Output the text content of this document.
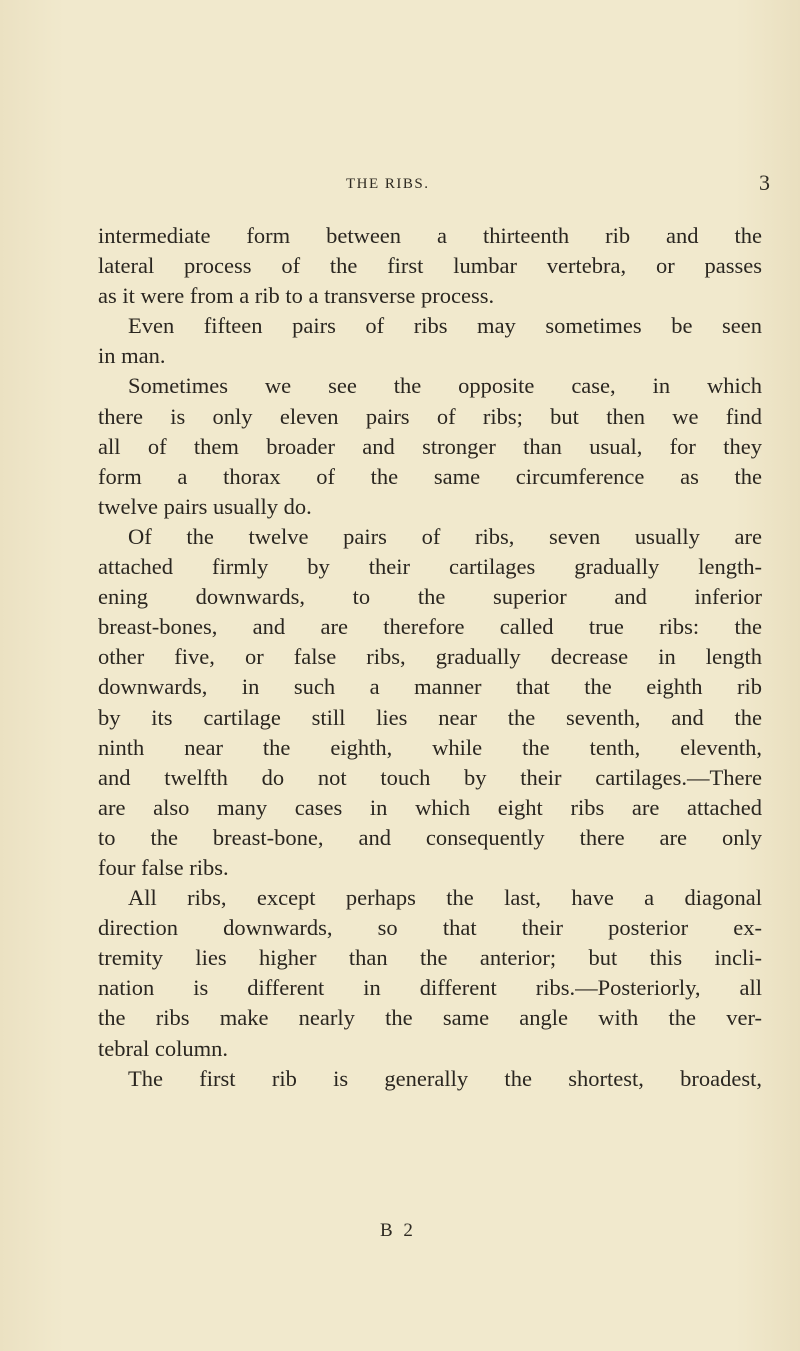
THE RIBS.	3
intermediate form between a thirteenth rib and the
lateral process of the first lumbar vertebra, or passes
as it were from a rib to a transverse process.
Even fifteen pairs of ribs may sometimes be seen
in man.
Sometimes we see the opposite case, in which
there is only eleven pairs of ribs; but then we find
all of them broader and stronger than usual, for they
form a thorax of the same circumference as the
twelve pairs usually do.
Of the twelve pairs of ribs, seven usually are
attached firmly by their cartilages gradually length-
ening downwards, to the superior and inferior
breast-bones, and are therefore called true ribs: the
other five, or false ribs, gradually decrease in length
downwards, in such a manner that the eighth rib
by its cartilage still lies near the seventh, and the
ninth near the eighth, while the tenth, eleventh,
and twelfth do not touch by their cartilages.—There
are also many cases in which eight ribs are attached
to the breast-bone, and consequently there are only
four false ribs.
All ribs, except perhaps the last, have a diagonal
direction downwards, so that their posterior ex-
tremity lies higher than the anterior; but this incli-
nation is different in different ribs.—Posteriorly, all
the ribs make nearly the same angle with the ver-
tebral column.
The first rib is generally the shortest, broadest,
B 2
